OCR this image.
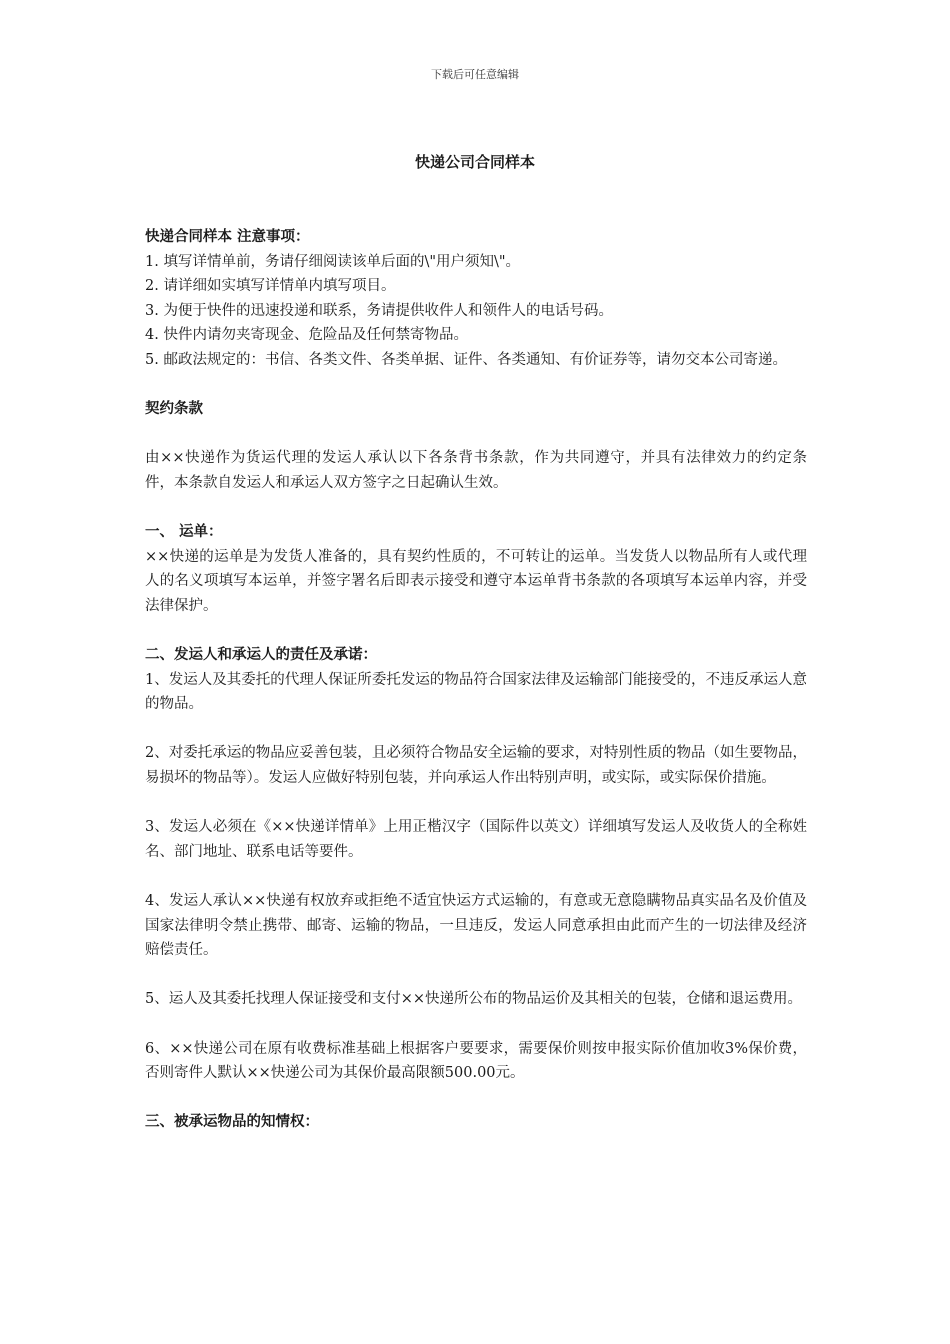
下载后可任意编辑
快递公司合同样本

快递合同样本 注意事项：

1. 填写详情单前，务请仔细阅读该单后面的\"用户须知\"。

2. 请详细如实填写详情单内填写项目。

3. 为便于快件的迅速投递和联系，务请提供收件人和领件人的电话号码。

4. 快件内请勿夹寄现金、危险品及任何禁寄物品。

5. 邮政法规定的：书信、各类文件、各类单据、证件、各类通知、有价证券等，请勿交本公司寄递。

契约条款

由××快递作为货运代理的发运人承认以下各条背书条款，作为共同遵守，并具有法律效力的约定条件，本条款自发运人和承运人双方签字之日起确认生效。

一、 运单：

××快递的运单是为发货人准备的，具有契约性质的，不可转让的运单。当发货人以物品所有人或代理人的名义项填写本运单，并签字署名后即表示接受和遵守本运单背书条款的各项填写本运单内容，并受法律保护。

二、发运人和承运人的责任及承诺：

1、发运人及其委托的代理人保证所委托发运的物品符合国家法律及运输部门能接受的，不违反承运人意的物品。

2、对委托承运的物品应妥善包装，且必须符合物品安全运输的要求，对特别性质的物品（如生要物品，易损坏的物品等）。发运人应做好特别包装，并向承运人作出特别声明，或实际，或实际保价措施。

3、发运人必须在《××快递详情单》上用正楷汉字（国际件以英文）详细填写发运人及收货人的全称姓名、部门地址、联系电话等要件。

4、发运人承认××快递有权放弃或拒绝不适宜快运方式运输的，有意或无意隐瞒物品真实品名及价值及国家法律明令禁止携带、邮寄、运输的物品，一旦违反，发运人同意承担由此而产生的一切法律及经济赔偿责任。

5、运人及其委托找理人保证接受和支付××快递所公布的物品运价及其相关的包装，仓储和退运费用。

6、××快递公司在原有收费标准基础上根据客户要要求，需要保价则按申报实际价值加收3%保价费，否则寄件人默认××快递公司为其保价最高限额500.00元。

三、被承运物品的知情权：
